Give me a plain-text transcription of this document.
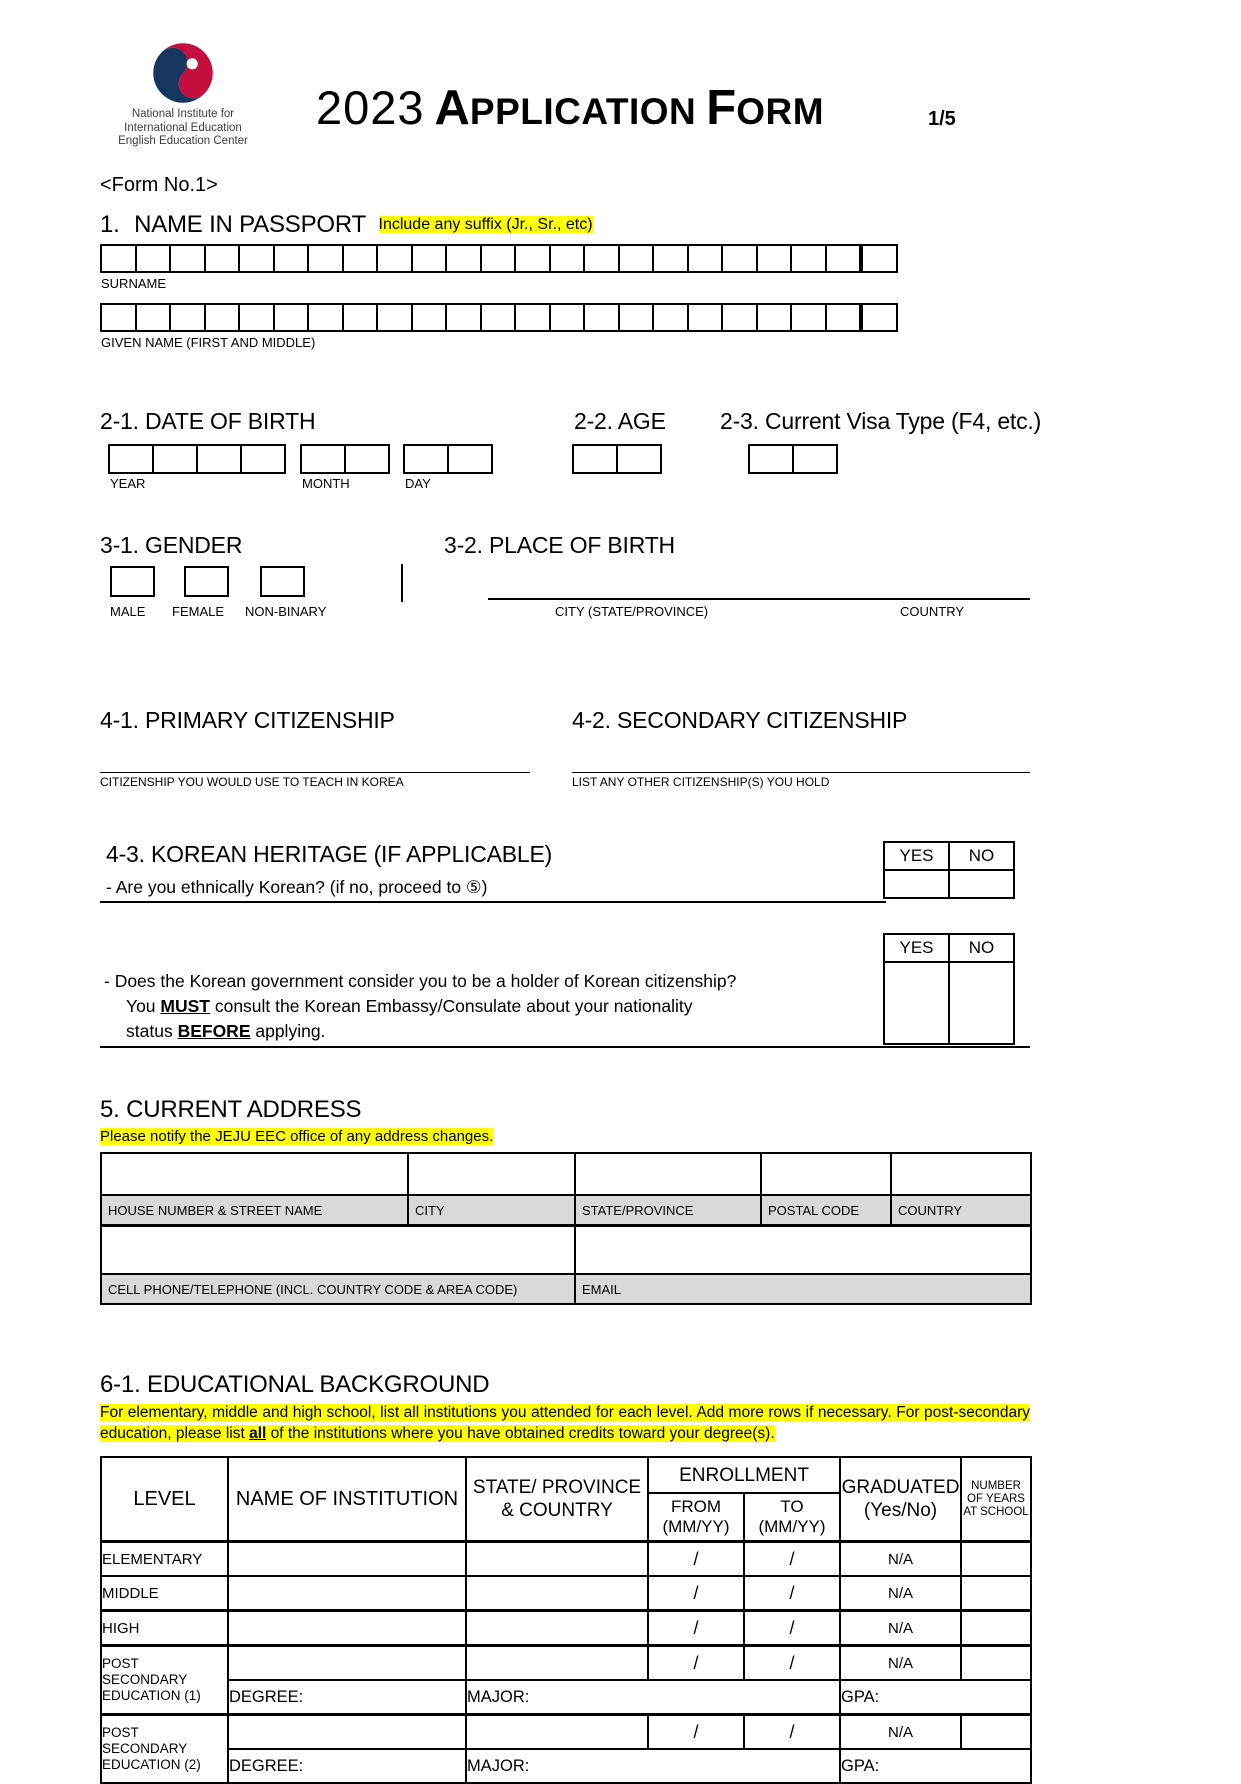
National Institute for
International Education
English Education Center
2023 APPLICATION FORM	1/5
<Form No.1>
1. NAME IN PASSPORT Include any suffix (Jr., Sr., etc)
SURNAME
GIVEN NAME (FIRST AND MIDDLE)
2-1. DATE OF BIRTH	2-2. AGE 2-3. Current Visa Type (F4, etc.)
YEAR	MONTH	DAY
3-1. GENDER	3-2. PLACE OF BIRTH
MALE FEMALE NON-BINARY	CITY (STATE/PROVINCE)	COUNTRY
4-1. PRIMARY CITIZENSHIP	4-2. SECONDARY CITIZENSHIP
CITIZENSHIP YOU WOULD USE TO TEACH IN KOREA	LIST ANY OTHER CITIZENSHIP(S) YOU HOLD
4-3. KOREAN HERITAGE (IF APPLICABLE)
- Are you ethnically Korean? (if no, proceed to ⑤)
YES	NO

YES	NO

- Does the Korean government consider you to be a holder of Korean citizenship?
You MUST consult the Korean Embassy/Consulate about your nationality
status BEFORE applying.
5. CURRENT ADDRESS
Please notify the JEJU EEC office of any address changes.

HOUSE NUMBER & STREET NAME	CITY	STATE/PROVINCE	POSTAL CODE	COUNTRY

CELL PHONE/TELEPHONE (INCL. COUNTRY CODE & AREA CODE)		EMAIL		
6-1. EDUCATIONAL BACKGROUND
For elementary, middle and high school, list all institutions you attended for each level. Add more rows if necessary. For post-secondary education, please list all of the institutions where you have obtained credits toward your degree(s).
LEVEL	NAME OF INSTITUTION	STATE/ PROVINCE & COUNTRY	ENROLLMENT		GRADUATED (Yes/No)	NUMBER OF YEARS AT SCHOOL
			FROM (MM/YY)	TO (MM/YY)		
ELEMENTARY			/	/	N/A	
MIDDLE			/	/	N/A	
HIGH			/	/	N/A	
POST SECONDARY EDUCATION (1)			/	/	N/A	
	DEGREE:	MAJOR:			GPA:	
POST SECONDARY EDUCATION (2)			/	/	N/A	
	DEGREE:	MAJOR:			GPA:	
